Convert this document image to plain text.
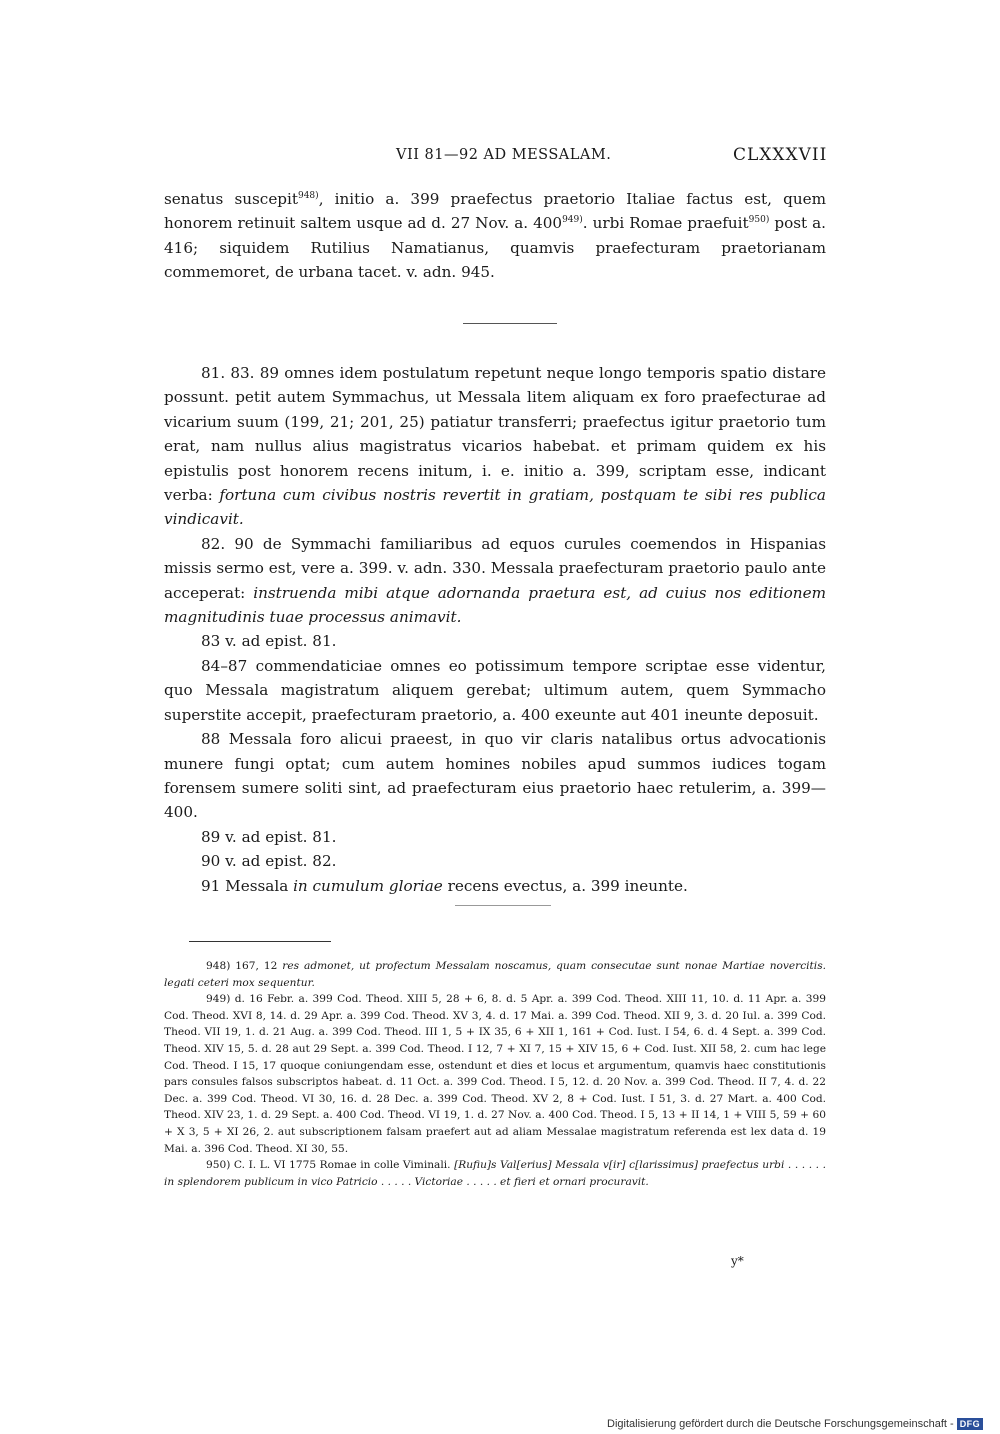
VII 81—92 AD MESSALAM.	CLXXXVII

senatus suscepit$^{948)}$, initio a. 399 praefectus praetorio Italiae factus est, quem honorem retinuit saltem usque ad d. 27 Nov. a. 400$^{949)}$. urbi Romae praefuit$^{950)}$ post a. 416; siquidem Rutilius Namatianus, quamvis praefecturam praetorianam commemoret, de urbana tacet. v. adn. 945.

81. 83. 89 omnes idem postulatum repetunt neque longo temporis spatio distare possunt. petit autem Symmachus, ut Messala litem aliquam ex foro praefecturae ad vicarium suum (199, 21; 201, 25) patiatur transferri; praefectus igitur praetorio tum erat, nam nullus alius magistratus vicarios habebat. et primam quidem ex his epistulis post honorem recens initum, i. e. initio a. 399, scriptam esse, indicant verba: fortuna cum civibus nostris revertit in gratiam, postquam te sibi res publica vindicavit.

82. 90 de Symmachi familiaribus ad equos curules coemendos in Hispanias missis sermo est, vere a. 399. v. adn. 330. Messala praefecturam praetorio paulo ante acceperat: instruenda mibi atque adornanda praetura est, ad cuius nos editionem magnitudinis tuae processus animavit.

83 v. ad epist. 81.

84–87 commendaticiae omnes eo potissimum tempore scriptae esse videntur, quo Messala magistratum aliquem gerebat; ultimum autem, quem Symmacho superstite accepit, praefecturam praetorio, a. 400 exeunte aut 401 ineunte deposuit.

88 Messala foro alicui praeest, in quo vir claris natalibus ortus advocationis munere fungi optat; cum autem homines nobiles apud summos iudices togam forensem sumere soliti sint, ad praefecturam eius praetorio haec retulerim, a. 399—400.

89 v. ad epist. 81.

90 v. ad epist. 82.

91 Messala in cumulum gloriae recens evectus, a. 399 ineunte.

948) 167, 12 res admonet, ut profectum Messalam noscamus, quam consecutae sunt nonae Martiae novercitis. legati ceteri mox sequentur.

949) d. 16 Febr. a. 399 Cod. Theod. XIII 5, 28 + 6, 8. d. 5 Apr. a. 399 Cod. Theod. XIII 11, 10. d. 11 Apr. a. 399 Cod. Theod. XVI 8, 14. d. 29 Apr. a. 399 Cod. Theod. XV 3, 4. d. 17 Mai. a. 399 Cod. Theod. XII 9, 3. d. 20 Iul. a. 399 Cod. Theod. VII 19, 1. d. 21 Aug. a. 399 Cod. Theod. III 1, 5 + IX 35, 6 + XII 1, 161 + Cod. Iust. I 54, 6. d. 4 Sept. a. 399 Cod. Theod. XIV 15, 5. d. 28 aut 29 Sept. a. 399 Cod. Theod. I 12, 7 + XI 7, 15 + XIV 15, 6 + Cod. Iust. XII 58, 2. cum hac lege Cod. Theod. I 15, 17 quoque coniungendam esse, ostendunt et dies et locus et argumentum, quamvis haec constitutionis pars consules falsos subscriptos habeat. d. 11 Oct. a. 399 Cod. Theod. I 5, 12. d. 20 Nov. a. 399 Cod. Theod. II 7, 4. d. 22 Dec. a. 399 Cod. Theod. VI 30, 16. d. 28 Dec. a. 399 Cod. Theod. XV 2, 8 + Cod. Iust. I 51, 3. d. 27 Mart. a. 400 Cod. Theod. XIV 23, 1. d. 29 Sept. a. 400 Cod. Theod. VI 19, 1. d. 27 Nov. a. 400 Cod. Theod. I 5, 13 + II 14, 1 + VIII 5, 59 + 60 + X 3, 5 + XI 26, 2. aut subscriptionem falsam praefert aut ad aliam Messalae magistratum referenda est lex data d. 19 Mai. a. 396 Cod. Theod. XI 30, 55.

950) C. I. L. VI 1775 Romae in colle Viminali. [Rufiu]s Val[erius] Messala v[ir] c[larissimus] praefectus urbi . . . . . . in splendorem publicum in vico Patricio . . . . . Victoriae . . . . . et fieri et ornari procuravit.

y*
Digitalisierung gefördert durch die Deutsche Forschungsgemeinschaft - DFG
